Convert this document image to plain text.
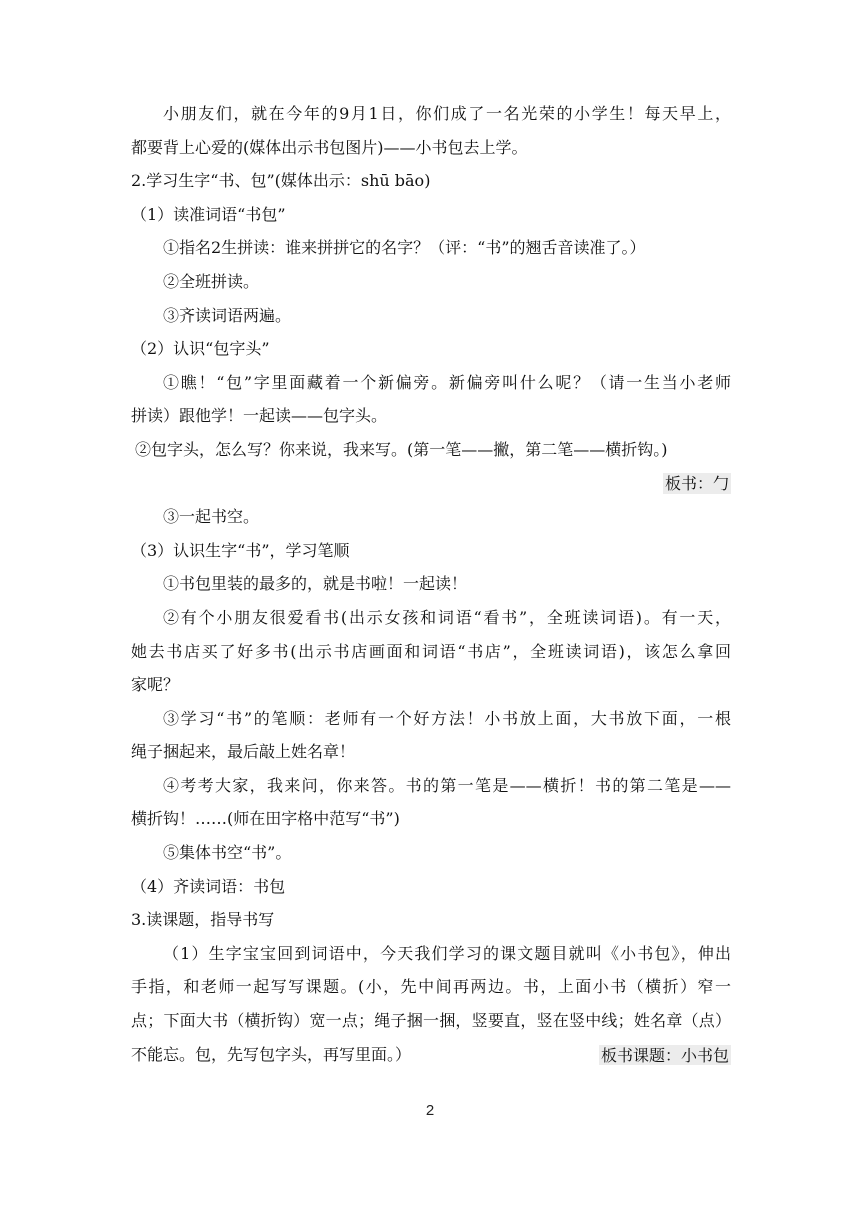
小朋友们，就在今年的9月1日，你们成了一名光荣的小学生！每天早上，
都要背上心爱的(媒体出示书包图片)——小书包去上学。
2.学习生字“书、包”(媒体出示：shū bāo)
（1）读准词语“书包”
①指名2生拼读：谁来拼拼它的名字？（评：“书”的翘舌音读准了。）
②全班拼读。
③齐读词语两遍。
（2）认识“包字头”
①瞧！“包”字里面藏着一个新偏旁。新偏旁叫什么呢？（请一生当小老师
拼读）跟他学！一起读——包字头。
②包字头，怎么写？你来说，我来写。(第一笔——撇，第二笔——横折钩。)
板书：勹
③一起书空。
（3）认识生字“书”，学习笔顺
①书包里装的最多的，就是书啦！一起读！
②有个小朋友很爱看书(出示女孩和词语“看书”，全班读词语)。有一天，
她去书店买了好多书(出示书店画面和词语“书店”，全班读词语)，该怎么拿回
家呢？
③学习“书”的笔顺：老师有一个好方法！小书放上面，大书放下面，一根
绳子捆起来，最后敲上姓名章！
④考考大家，我来问，你来答。书的第一笔是——横折！书的第二笔是——
横折钩！……(师在田字格中范写“书”)
⑤集体书空“书”。
（4）齐读词语：书包
3.读课题，指导书写
（1）生字宝宝回到词语中，今天我们学习的课文题目就叫《小书包》，伸出
手指，和老师一起写写课题。(小，先中间再两边。书，上面小书（横折）窄一
点；下面大书（横折钩）宽一点；绳子捆一捆，竖要直，竖在竖中线；姓名章（点）
不能忘。包，先写包字头，再写里面。）	板书课题：小书包
2
